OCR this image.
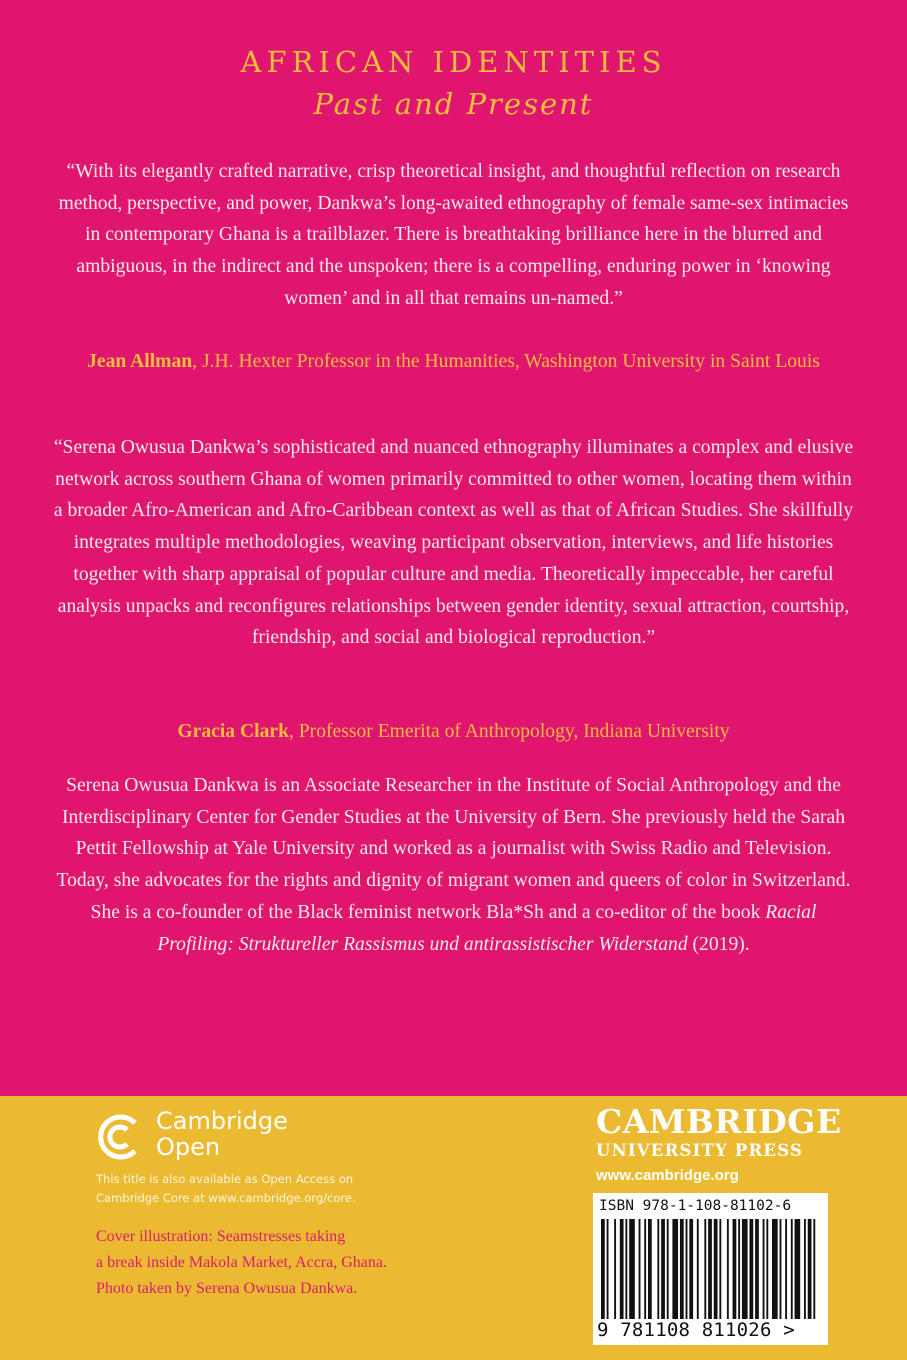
AFRICAN IDENTITIES
Past and Present

“With its elegantly crafted narrative, crisp theoretical insight, and thoughtful reflection on research method, perspective, and power, Dankwa’s long-awaited ethnography of female same-sex intimacies in contemporary Ghana is a trailblazer. There is breathtaking brilliance here in the blurred and ambiguous, in the indirect and the unspoken; there is a compelling, enduring power in ‘knowing women’ and in all that remains un-named.”

Jean Allman, J.H. Hexter Professor in the Humanities, Washington University in Saint Louis

“Serena Owusua Dankwa’s sophisticated and nuanced ethnography illuminates a complex and elusive network across southern Ghana of women primarily committed to other women, locating them within a broader Afro-American and Afro-Caribbean context as well as that of African Studies. She skillfully integrates multiple methodologies, weaving participant observation, interviews, and life histories together with sharp appraisal of popular culture and media. Theoretically impeccable, her careful analysis unpacks and reconfigures relationships between gender identity, sexual attraction, courtship, friendship, and social and biological reproduction.”

Gracia Clark, Professor Emerita of Anthropology, Indiana University

Serena Owusua Dankwa is an Associate Researcher in the Institute of Social Anthropology and the Interdisciplinary Center for Gender Studies at the University of Bern. She previously held the Sarah Pettit Fellowship at Yale University and worked as a journalist with Swiss Radio and Television. Today, she advocates for the rights and dignity of migrant women and queers of color in Switzerland. She is a co-founder of the Black feminist network Bla*Sh and a co-editor of the book Racial Profiling: Struktureller Rassismus und antirassistischer Widerstand (2019).

Cambridge
Open
This title is also available as Open Access on Cambridge Core at www.cambridge.org/core.
Cover illustration: Seamstresses taking
a break inside Makola Market, Accra, Ghana.
Photo taken by Serena Owusua Dankwa.
CAMBRIDGE
UNIVERSITY PRESS
www.cambridge.org
ISBN 978-1-108-81102-6
9 781108 811026 >
